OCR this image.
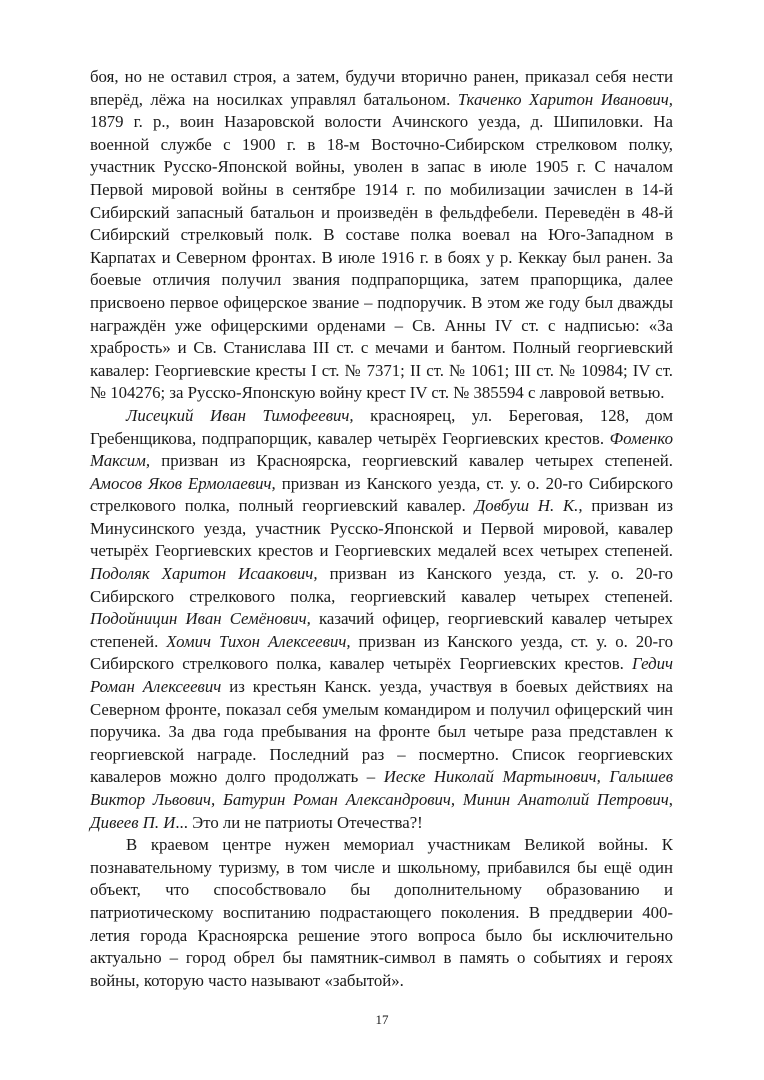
боя, но не оставил строя, а затем, будучи вторично ранен, приказал себя нести вперёд, лёжа на носилках управлял батальоном. Ткаченко Харитон Иванович, 1879 г. р., воин Назаровской волости Ачинского уезда, д. Шипиловки. На военной службе с 1900 г. в 18-м Восточно-Сибирском стрелковом полку, участник Русско-Японской войны, уволен в запас в июле 1905 г. С началом Первой мировой войны в сентябре 1914 г. по мобилизации зачислен в 14-й Сибирский запасный батальон и произведён в фельдфебели. Переведён в 48-й Сибирский стрелковый полк. В составе полка воевал на Юго-Западном в Карпатах и Северном фронтах. В июле 1916 г. в боях у р. Кеккау был ранен. За боевые отличия получил звания подпрапорщика, затем прапорщика, далее присвоено первое офицерское звание – подпоручик. В этом же году был дважды награждён уже офицерскими орденами – Св. Анны IV ст. с надписью: «За храбрость» и Св. Станислава III ст. с мечами и бантом. Полный георгиевский кавалер: Георгиевские кресты I ст. № 7371; II ст. № 1061; III ст. № 10984; IV ст. № 104276; за Русско-Японскую войну крест IV ст. № 385594 с лавровой ветвью.

Лисецкий Иван Тимофеевич, красноярец, ул. Береговая, 128, дом Гребенщикова, подпрапорщик, кавалер четырёх Георгиевских крестов. Фоменко Максим, призван из Красноярска, георгиевский кавалер четырех степеней. Амосов Яков Ермолаевич, призван из Канского уезда, ст. у. о. 20-го Сибирского стрелкового полка, полный георгиевский кавалер. Довбуш Н. К., призван из Минусинского уезда, участник Русско-Японской и Первой мировой, кавалер четырёх Георгиевских крестов и Георгиевских медалей всех четырех степеней. Подоляк Харитон Исаакович, призван из Канского уезда, ст. у. о. 20-го Сибирского стрелкового полка, георгиевский кавалер четырех степеней. Подойницин Иван Семёнович, казачий офицер, георгиевский кавалер четырех степеней. Хомич Тихон Алексеевич, призван из Канского уезда, ст. у. о. 20-го Сибирского стрелкового полка, кавалер четырёх Георгиевских крестов. Гедич Роман Алексеевич из крестьян Канск. уезда, участвуя в боевых действиях на Северном фронте, показал себя умелым командиром и получил офицерский чин поручика. За два года пребывания на фронте был четыре раза представлен к георгиевской награде. Последний раз – посмертно. Список георгиевских кавалеров можно долго продолжать – Иеске Николай Мартынович, Галышев Виктор Львович, Батурин Роман Александрович, Минин Анатолий Петрович, Дивеев П. И... Это ли не патриоты Отечества?!

В краевом центре нужен мемориал участникам Великой войны. К познавательному туризму, в том числе и школьному, прибавился бы ещё один объект, что способствовало бы дополнительному образованию и патриотическому воспитанию подрастающего поколения. В преддверии 400-летия города Красноярска решение этого вопроса было бы исключительно актуально – город обрел бы памятник-символ в память о событиях и героях войны, которую часто называют «забытой».

17
